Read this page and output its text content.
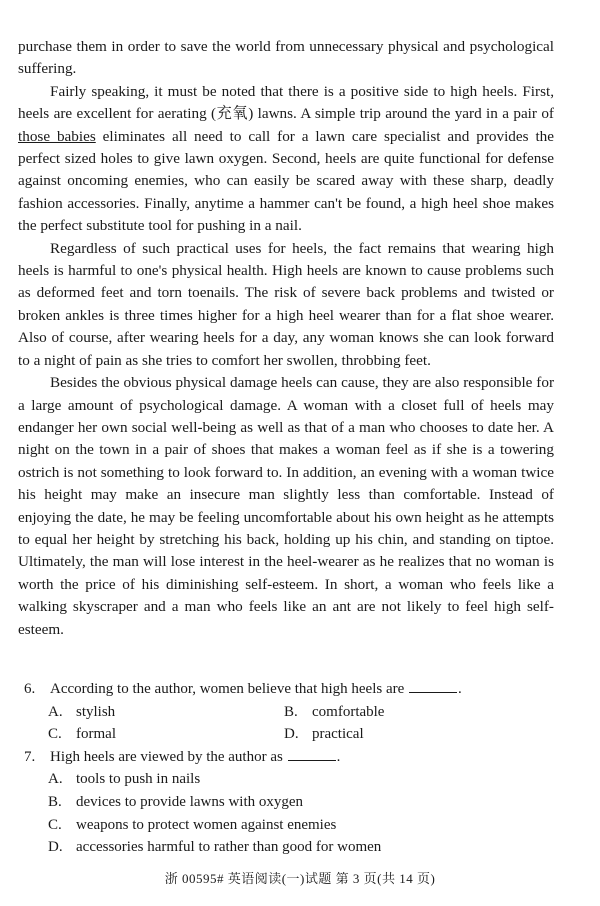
purchase them in order to save the world from unnecessary physical and psychological suffering.

Fairly speaking, it must be noted that there is a positive side to high heels. First, heels are excellent for aerating (充氧) lawns. A simple trip around the yard in a pair of those babies eliminates all need to call for a lawn care specialist and provides the perfect sized holes to give lawn oxygen. Second, heels are quite functional for defense against oncoming enemies, who can easily be scared away with these sharp, deadly fashion accessories. Finally, anytime a hammer can't be found, a high heel shoe makes the perfect substitute tool for pushing in a nail.

Regardless of such practical uses for heels, the fact remains that wearing high heels is harmful to one's physical health. High heels are known to cause problems such as deformed feet and torn toenails. The risk of severe back problems and twisted or broken ankles is three times higher for a high heel wearer than for a flat shoe wearer. Also of course, after wearing heels for a day, any woman knows she can look forward to a night of pain as she tries to comfort her swollen, throbbing feet.

Besides the obvious physical damage heels can cause, they are also responsible for a large amount of psychological damage. A woman with a closet full of heels may endanger her own social well-being as well as that of a man who chooses to date her. A night on the town in a pair of shoes that makes a woman feel as if she is a towering ostrich is not something to look forward to. In addition, an evening with a woman twice his height may make an insecure man slightly less than comfortable. Instead of enjoying the date, he may be feeling uncomfortable about his own height as he attempts to equal her height by stretching his back, holding up his chin, and standing on tiptoe. Ultimately, the man will lose interest in the heel-wearer as he realizes that no woman is worth the price of his diminishing self-esteem. In short, a woman who feels like a walking skyscraper and a man who feels like an ant are not likely to feel high self-esteem.

6. According to the author, women believe that high heels are	.
A. stylish	B. comfortable
C. formal	D. practical
7. High heels are viewed by the author as	.
A. tools to push in nails
B. devices to provide lawns with oxygen
C. weapons to protect women against enemies
D. accessories harmful to rather than good for women
浙 00595# 英语阅读(一)试题 第 3 页(共 14 页)
